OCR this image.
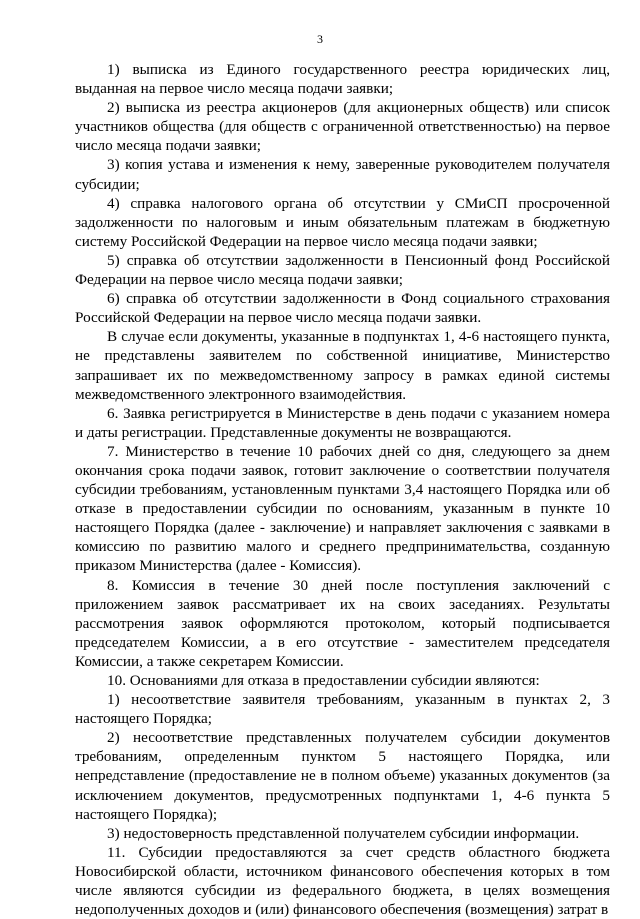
3

1) выписка из Единого государственного реестра юридических лиц, выданная на первое число месяца подачи заявки;

2) выписка из реестра акционеров (для акционерных обществ) или список участников общества (для обществ с ограниченной ответственностью) на первое число месяца подачи заявки;

3) копия устава и изменения к нему, заверенные руководителем получателя субсидии;

4) справка налогового органа об отсутствии у СМиСП просроченной задолженности по налоговым и иным обязательным платежам в бюджетную систему Российской Федерации на первое число месяца подачи заявки;

5) справка об отсутствии задолженности в Пенсионный фонд Российской Федерации на первое число месяца подачи заявки;

6) справка об отсутствии задолженности в Фонд социального страхования Российской Федерации на первое число месяца подачи заявки.

В случае если документы, указанные в подпунктах 1, 4-6 настоящего пункта, не представлены заявителем по собственной инициативе, Министерство запрашивает их по межведомственному запросу в рамках единой системы межведомственного электронного взаимодействия.

6. Заявка регистрируется в Министерстве в день подачи с указанием номера и даты регистрации. Представленные документы не возвращаются.

7. Министерство в течение 10 рабочих дней со дня, следующего за днем окончания срока подачи заявок, готовит заключение о соответствии получателя субсидии требованиям, установленным пунктами 3,4 настоящего Порядка или об отказе в предоставлении субсидии по основаниям, указанным в пункте 10 настоящего Порядка (далее - заключение) и направляет заключения с заявками в комиссию по развитию малого и среднего предпринимательства, созданную приказом Министерства (далее - Комиссия).

8. Комиссия в течение 30 дней после поступления заключений с приложением заявок рассматривает их на своих заседаниях. Результаты рассмотрения заявок оформляются протоколом, который подписывается председателем Комиссии, а в его отсутствие - заместителем председателя Комиссии, а также секретарем Комиссии.

10. Основаниями для отказа в предоставлении субсидии являются:

1) несоответствие заявителя требованиям, указанным в пунктах 2, 3 настоящего Порядка;

2) несоответствие представленных получателем субсидии документов требованиям, определенным пунктом 5 настоящего Порядка, или непредставление (предоставление не в полном объеме) указанных документов (за исключением документов, предусмотренных подпунктами 1, 4-6 пункта 5 настоящего Порядка);

3) недостоверность представленной получателем субсидии информации.

11. Субсидии предоставляются за счет средств областного бюджета Новосибирской области, источником финансового обеспечения которых в том числе являются субсидии из федерального бюджета, в целях возмещения недополученных доходов и (или) финансового обеспечения (возмещения) затрат в
